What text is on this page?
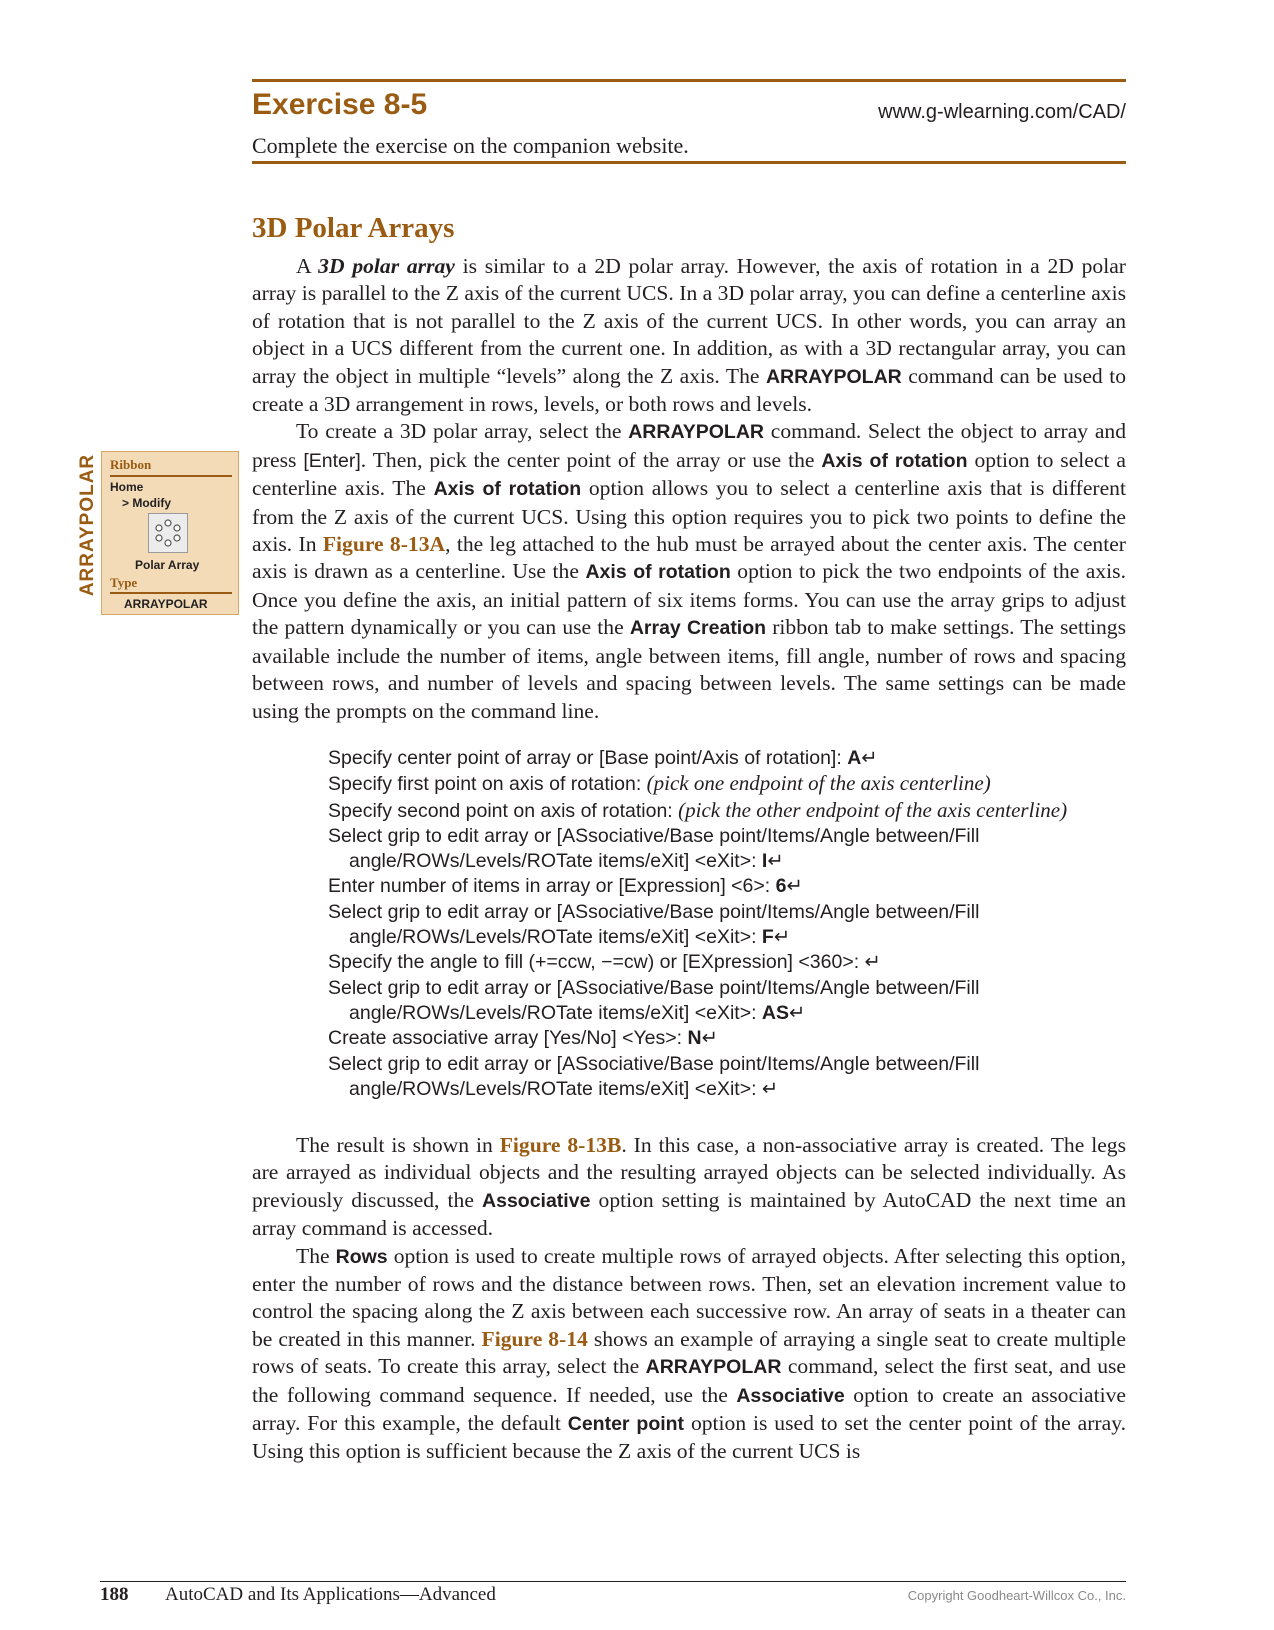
Exercise 8-5	www.g-wlearning.com/CAD/
Complete the exercise on the companion website.
3D Polar Arrays
ARRAYPOLAR Ribbon
Home
> Modify
Polar Array
Type
ARRAYPOLAR

A 3D polar array is similar to a 2D polar array. However, the axis of rotation in a 2D polar array is parallel to the Z axis of the current UCS. In a 3D polar array, you can define a centerline axis of rotation that is not parallel to the Z axis of the current UCS. In other words, you can array an object in a UCS different from the current one. In addition, as with a 3D rectangular array, you can array the object in multiple “levels” along the Z axis. The ARRAYPOLAR command can be used to create a 3D arrangement in rows, levels, or both rows and levels.

To create a 3D polar array, select the ARRAYPOLAR command. Select the object to array and press [Enter]. Then, pick the center point of the array or use the Axis of rotation option to select a centerline axis. The Axis of rotation option allows you to select a centerline axis that is different from the Z axis of the current UCS. Using this option requires you to pick two points to define the axis. In Figure 8-13A, the leg attached to the hub must be arrayed about the center axis. The center axis is drawn as a centerline. Use the Axis of rotation option to pick the two endpoints of the axis. Once you define the axis, an initial pattern of six items forms. You can use the array grips to adjust the pattern dynamically or you can use the Array Creation ribbon tab to make settings. The settings available include the number of items, angle between items, fill angle, number of rows and spacing between rows, and number of levels and spacing between levels. The same settings can be made using the prompts on the command line.

Specify center point of array or [Base point/Axis of rotation]: A↵
Specify first point on axis of rotation: (pick one endpoint of the axis centerline)
Specify second point on axis of rotation: (pick the other endpoint of the axis centerline)
Select grip to edit array or [ASsociative/Base point/Items/Angle between/Fill angle/ROWs/Levels/ROTate items/eXit] <eXit>: I↵
Enter number of items in array or [Expression] <6>: 6↵
Select grip to edit array or [ASsociative/Base point/Items/Angle between/Fill angle/ROWs/Levels/ROTate items/eXit] <eXit>: F↵
Specify the angle to fill (+=ccw, −=cw) or [EXpression] <360>: ↵
Select grip to edit array or [ASsociative/Base point/Items/Angle between/Fill angle/ROWs/Levels/ROTate items/eXit] <eXit>: AS↵
Create associative array [Yes/No] <Yes>: N↵
Select grip to edit array or [ASsociative/Base point/Items/Angle between/Fill angle/ROWs/Levels/ROTate items/eXit] <eXit>: ↵

The result is shown in Figure 8-13B. In this case, a non-associative array is created. The legs are arrayed as individual objects and the resulting arrayed objects can be selected individually. As previously discussed, the Associative option setting is maintained by AutoCAD the next time an array command is accessed.

The Rows option is used to create multiple rows of arrayed objects. After selecting this option, enter the number of rows and the distance between rows. Then, set an elevation increment value to control the spacing along the Z axis between each successive row. An array of seats in a theater can be created in this manner. Figure 8-14 shows an example of arraying a single seat to create multiple rows of seats. To create this array, select the ARRAYPOLAR command, select the first seat, and use the following command sequence. If needed, use the Associative option to create an associative array. For this example, the default Center point option is used to set the center point of the array. Using this option is sufficient because the Z axis of the current UCS is

188 AutoCAD and Its Applications—Advanced	Copyright Goodheart-Willcox Co., Inc.
